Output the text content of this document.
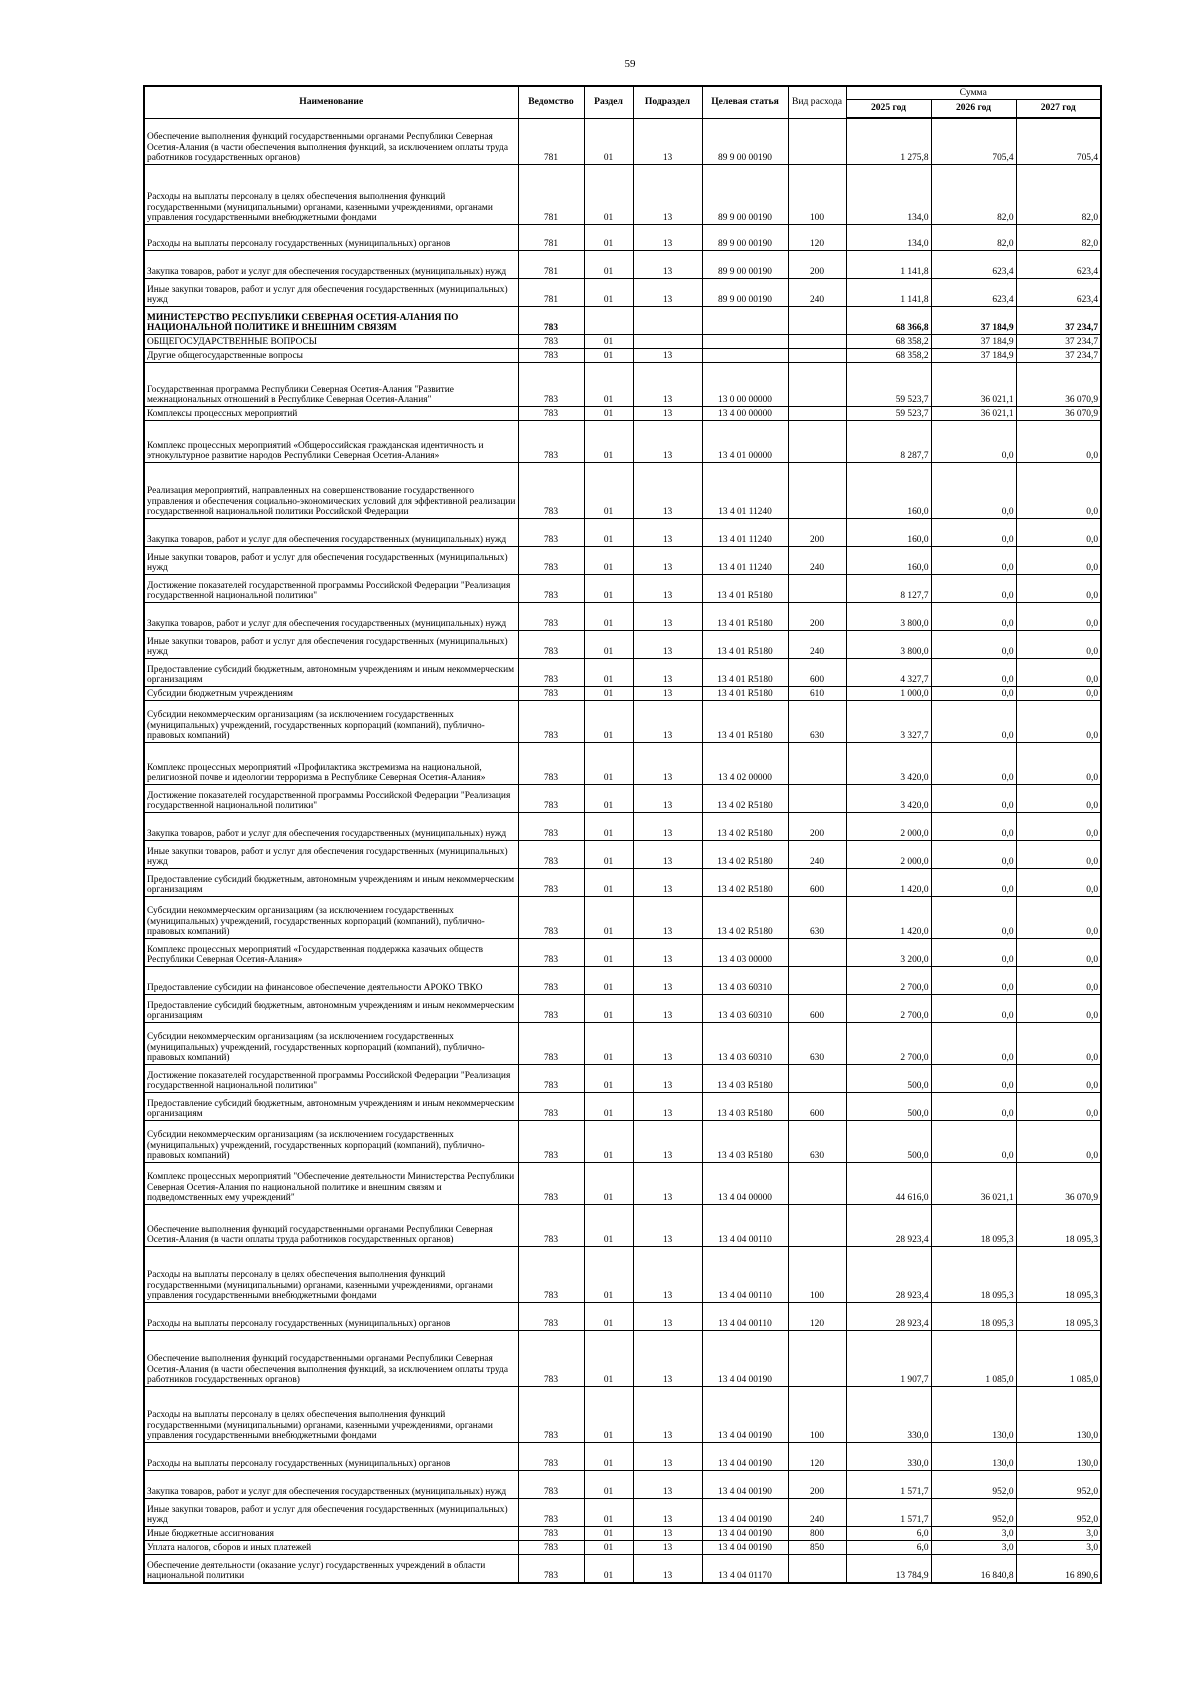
59
Наименование	Ведомство	Раздел	Подраздел	Целевая статья	Вид расхода	Сумма		
						2025 год	2026 год	2027 год
Обеспечение выполнения функций государственными органами Республики Северная Осетия-Алания (в части обеспечения выполнения функций, за исключением оплаты труда работников государственных органов)	781	01	13	89 9 00 00190		1 275,8	705,4	705,4
Расходы на выплаты персоналу в целях обеспечения выполнения функций государственными (муниципальными) органами, казенными учреждениями, органами управления государственными внебюджетными фондами	781	01	13	89 9 00 00190	100	134,0	82,0	82,0
Расходы на выплаты персоналу государственных (муниципальных) органов	781	01	13	89 9 00 00190	120	134,0	82,0	82,0
Закупка товаров, работ и услуг для обеспечения государственных (муниципальных) нужд	781	01	13	89 9 00 00190	200	1 141,8	623,4	623,4
Иные закупки товаров, работ и услуг для обеспечения государственных (муниципальных) нужд	781	01	13	89 9 00 00190	240	1 141,8	623,4	623,4
МИНИСТЕРСТВО РЕСПУБЛИКИ СЕВЕРНАЯ ОСЕТИЯ-АЛАНИЯ ПО НАЦИОНАЛЬНОЙ ПОЛИТИКЕ И ВНЕШНИМ СВЯЗЯМ	783					68 366,8	37 184,9	37 234,7
ОБЩЕГОСУДАРСТВЕННЫЕ ВОПРОСЫ	783	01				68 358,2	37 184,9	37 234,7
Другие общегосударственные вопросы	783	01	13			68 358,2	37 184,9	37 234,7
Государственная программа Республики Северная Осетия-Алания "Развитие межнациональных отношений в Республике Северная Осетия-Алания"	783	01	13	13 0 00 00000		59 523,7	36 021,1	36 070,9
Комплексы процессных мероприятий	783	01	13	13 4 00 00000		59 523,7	36 021,1	36 070,9
Комплекс процессных мероприятий «Общероссийская гражданская идентичность и этнокультурное развитие народов Республики Северная Осетия-Алания»	783	01	13	13 4 01 00000		8 287,7	0,0	0,0
Реализация мероприятий, направленных на совершенствование государственного управления и обеспечения социально-экономических условий для эффективной реализации государственной национальной политики Российской Федерации	783	01	13	13 4 01 11240		160,0	0,0	0,0
Закупка товаров, работ и услуг для обеспечения государственных (муниципальных) нужд	783	01	13	13 4 01 11240	200	160,0	0,0	0,0
Иные закупки товаров, работ и услуг для обеспечения государственных (муниципальных) нужд	783	01	13	13 4 01 11240	240	160,0	0,0	0,0
Достижение показателей государственной программы Российской Федерации "Реализация государственной национальной политики"	783	01	13	13 4 01 R5180		8 127,7	0,0	0,0
Закупка товаров, работ и услуг для обеспечения государственных (муниципальных) нужд	783	01	13	13 4 01 R5180	200	3 800,0	0,0	0,0
Иные закупки товаров, работ и услуг для обеспечения государственных (муниципальных) нужд	783	01	13	13 4 01 R5180	240	3 800,0	0,0	0,0
Предоставление субсидий бюджетным, автономным учреждениям и иным некоммерческим организациям	783	01	13	13 4 01 R5180	600	4 327,7	0,0	0,0
Субсидии бюджетным учреждениям	783	01	13	13 4 01 R5180	610	1 000,0	0,0	0,0
Субсидии некоммерческим организациям (за исключением государственных (муниципальных) учреждений, государственных корпораций (компаний), публично-правовых компаний)	783	01	13	13 4 01 R5180	630	3 327,7	0,0	0,0
Комплекс процессных мероприятий «Профилактика экстремизма на национальной, религиозной почве и идеологии терроризма в Республике Северная Осетия-Алания»	783	01	13	13 4 02 00000		3 420,0	0,0	0,0
Достижение показателей государственной программы Российской Федерации "Реализация государственной национальной политики"	783	01	13	13 4 02 R5180		3 420,0	0,0	0,0
Закупка товаров, работ и услуг для обеспечения государственных (муниципальных) нужд	783	01	13	13 4 02 R5180	200	2 000,0	0,0	0,0
Иные закупки товаров, работ и услуг для обеспечения государственных (муниципальных) нужд	783	01	13	13 4 02 R5180	240	2 000,0	0,0	0,0
Предоставление субсидий бюджетным, автономным учреждениям и иным некоммерческим организациям	783	01	13	13 4 02 R5180	600	1 420,0	0,0	0,0
Субсидии некоммерческим организациям (за исключением государственных (муниципальных) учреждений, государственных корпораций (компаний), публично-правовых компаний)	783	01	13	13 4 02 R5180	630	1 420,0	0,0	0,0
Комплекс процессных мероприятий «Государственная поддержка казачьих обществ Республики Северная Осетия-Алания»	783	01	13	13 4 03 00000		3 200,0	0,0	0,0
Предоставление субсидии на финансовое обеспечение деятельности АРОКО ТВКО	783	01	13	13 4 03 60310		2 700,0	0,0	0,0
Предоставление субсидий бюджетным, автономным учреждениям и иным некоммерческим организациям	783	01	13	13 4 03 60310	600	2 700,0	0,0	0,0
Субсидии некоммерческим организациям (за исключением государственных (муниципальных) учреждений, государственных корпораций (компаний), публично-правовых компаний)	783	01	13	13 4 03 60310	630	2 700,0	0,0	0,0
Достижение показателей государственной программы Российской Федерации "Реализация государственной национальной политики"	783	01	13	13 4 03 R5180		500,0	0,0	0,0
Предоставление субсидий бюджетным, автономным учреждениям и иным некоммерческим организациям	783	01	13	13 4 03 R5180	600	500,0	0,0	0,0
Субсидии некоммерческим организациям (за исключением государственных (муниципальных) учреждений, государственных корпораций (компаний), публично-правовых компаний)	783	01	13	13 4 03 R5180	630	500,0	0,0	0,0
Комплекс процессных мероприятий "Обеспечение деятельности Министерства Республики Северная Осетия-Алания по национальной политике и внешним связям и подведомственных ему учреждений"	783	01	13	13 4 04 00000		44 616,0	36 021,1	36 070,9
Обеспечение выполнения функций государственными органами Республики Северная Осетия-Алания (в части оплаты труда работников государственных органов)	783	01	13	13 4 04 00110		28 923,4	18 095,3	18 095,3
Расходы на выплаты персоналу в целях обеспечения выполнения функций государственными (муниципальными) органами, казенными учреждениями, органами управления государственными внебюджетными фондами	783	01	13	13 4 04 00110	100	28 923,4	18 095,3	18 095,3
Расходы на выплаты персоналу государственных (муниципальных) органов	783	01	13	13 4 04 00110	120	28 923,4	18 095,3	18 095,3
Обеспечение выполнения функций государственными органами Республики Северная Осетия-Алания (в части обеспечения выполнения функций, за исключением оплаты труда работников государственных органов)	783	01	13	13 4 04 00190		1 907,7	1 085,0	1 085,0
Расходы на выплаты персоналу в целях обеспечения выполнения функций государственными (муниципальными) органами, казенными учреждениями, органами управления государственными внебюджетными фондами	783	01	13	13 4 04 00190	100	330,0	130,0	130,0
Расходы на выплаты персоналу государственных (муниципальных) органов	783	01	13	13 4 04 00190	120	330,0	130,0	130,0
Закупка товаров, работ и услуг для обеспечения государственных (муниципальных) нужд	783	01	13	13 4 04 00190	200	1 571,7	952,0	952,0
Иные закупки товаров, работ и услуг для обеспечения государственных (муниципальных) нужд	783	01	13	13 4 04 00190	240	1 571,7	952,0	952,0
Иные бюджетные ассигнования	783	01	13	13 4 04 00190	800	6,0	3,0	3,0
Уплата налогов, сборов и иных платежей	783	01	13	13 4 04 00190	850	6,0	3,0	3,0
Обеспечение деятельности (оказание услуг) государственных учреждений в области национальной политики	783	01	13	13 4 04 01170		13 784,9	16 840,8	16 890,6
